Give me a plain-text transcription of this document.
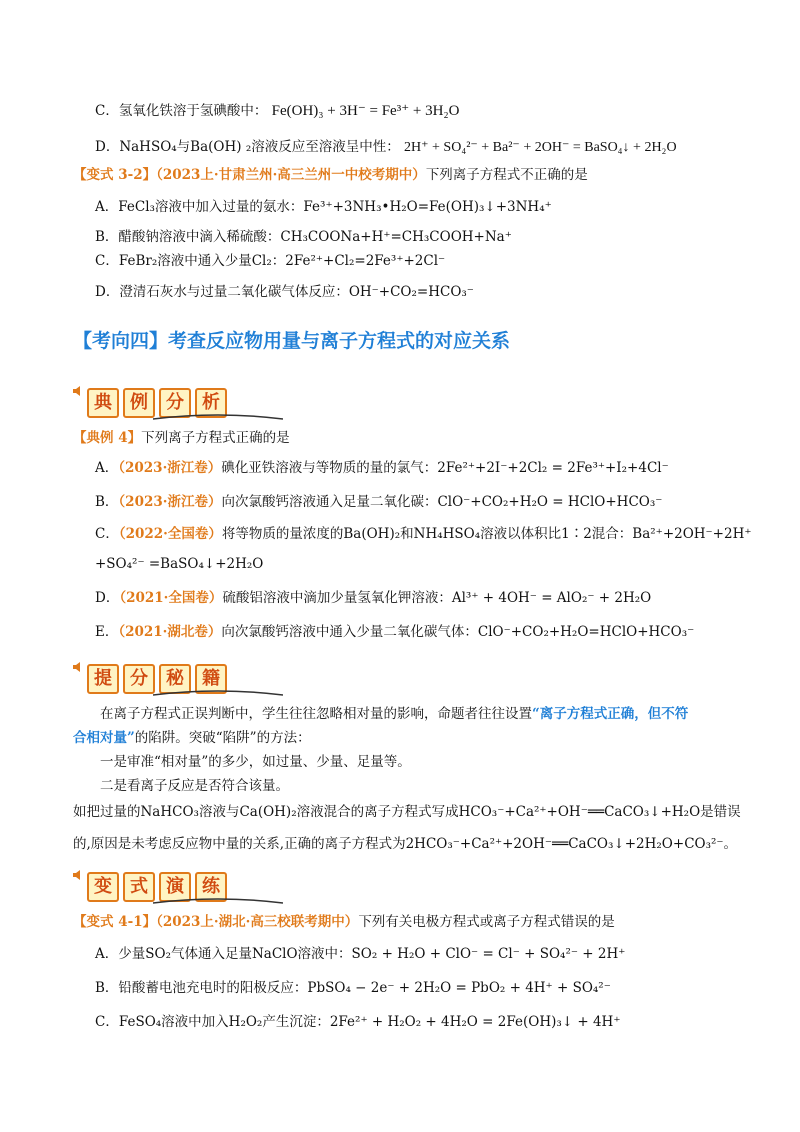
C．氢氧化铁溶于氢碘酸中： Fe(OH)₃ + 3H⁻ = Fe³⁺ + 3H₂O
D．NaHSO₄与Ba(OH) ₂溶液反应至溶液呈中性： 2H⁺ + SO₄²⁻ + Ba²⁻ + 2OH⁻ = BaSO₄↓ + 2H₂O
【变式 3-2】（2023上·甘肃兰州·高三兰州一中校考期中）下列离子方程式不正确的是
A．FeCl₃溶液中加入过量的氨水：Fe³⁺+3NH₃•H₂O=Fe(OH)₃↓+3NH₄⁺
B．醋酸钠溶液中滴入稀硫酸：CH₃COONa+H⁺=CH₃COOH+Na⁺
C．FeBr₂溶液中通入少量Cl₂：2Fe²⁺+Cl₂=2Fe³⁺+2Cl⁻
D．澄清石灰水与过量二氧化碳气体反应：OH⁻+CO₂=HCO₃⁻
【考向四】考查反应物用量与离子方程式的对应关系
典	例	分	析
【典例 4】下列离子方程式正确的是
A．（2023·浙江卷）碘化亚铁溶液与等物质的量的氯气：2Fe²⁺+2I⁻+2Cl₂ = 2Fe³⁺+I₂+4Cl⁻
B．（2023·浙江卷）向次氯酸钙溶液通入足量二氧化碳：ClO⁻+CO₂+H₂O = HClO+HCO₃⁻
C．（2022·全国卷）将等物质的量浓度的Ba(OH)₂和NH₄HSO₄溶液以体积比1∶2混合：Ba²⁺+2OH⁻+2H⁺
+SO₄²⁻ =BaSO₄↓+2H₂O
D．（2021·全国卷）硫酸铝溶液中滴加少量氢氧化钾溶液：Al³⁺ + 4OH⁻ = AlO₂⁻ + 2H₂O
E．（2021·湖北卷）向次氯酸钙溶液中通入少量二氧化碳气体：ClO⁻+CO₂+H₂O=HClO+HCO₃⁻
提	分	秘	籍
在离子方程式正误判断中，学生往往忽略相对量的影响，命题者往往设置“离子方程式正确，但不符
合相对量”的陷阱。突破“陷阱”的方法：
一是审准“相对量”的多少，如过量、少量、足量等。
二是看离子反应是否符合该量。
如把过量的NaHCO₃溶液与Ca(OH)₂溶液混合的离子方程式写成HCO₃⁻+Ca²⁺+OH⁻══CaCO₃↓+H₂O是错误
的,原因是未考虑反应物中量的关系,正确的离子方程式为2HCO₃⁻+Ca²⁺+2OH⁻══CaCO₃↓+2H₂O+CO₃²⁻。
变	式	演	练
【变式 4-1】（2023上·湖北·高三校联考期中）下列有关电极方程式或离子方程式错误的是
A．少量SO₂气体通入足量NaClO溶液中：SO₂ + H₂O + ClO⁻ = Cl⁻ + SO₄²⁻ + 2H⁺
B．铅酸蓄电池充电时的阳极反应：PbSO₄ − 2e⁻ + 2H₂O = PbO₂ + 4H⁺ + SO₄²⁻
C．FeSO₄溶液中加入H₂O₂产生沉淀：2Fe²⁺ + H₂O₂ + 4H₂O = 2Fe(OH)₃↓ + 4H⁺
